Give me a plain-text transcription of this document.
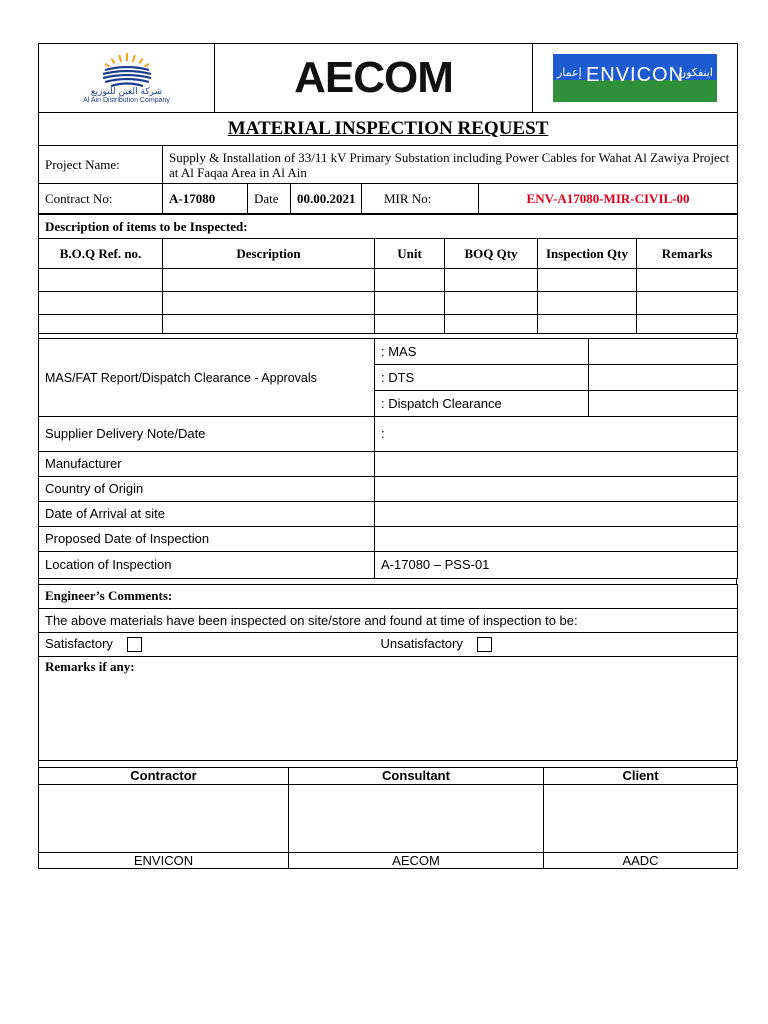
شركة العين للتوزيع
Al Ain Distribution Company	AECOM	إعمار ENVICON
اينفكون
MATERIAL INSPECTION REQUEST					
Project Name:	Supply & Installation of 33/11 kV Primary Substation including Power Cables for Wahat Al Zawiya Project at Al Faqaa Area in Al Ain				
Contract No:	A-17080	Date	00.00.2021	MIR No:	ENV-A17080-MIR-CIVIL-00
Description of items to be Inspected:					
B.O.Q Ref. no.	Description	Unit	BOQ Qty	Inspection Qty	Remarks

MAS/FAT Report/Dispatch Clearance - Approvals	: MAS	
	: DTS	
	: Dispatch Clearance	
Supplier Delivery Note/Date	:
Manufacturer	
Country of Origin	
Date of Arrival at site	
Proposed Date of Inspection	
Location of Inspection	A-17080 – PSS-01
Engineer’s Comments:
The above materials have been inspected on site/store and found at time of inspection to be:
Satisfactory	Unsatisfactory
Remarks if any:
Contractor	Consultant	Client

ENVICON	AECOM	AADC
